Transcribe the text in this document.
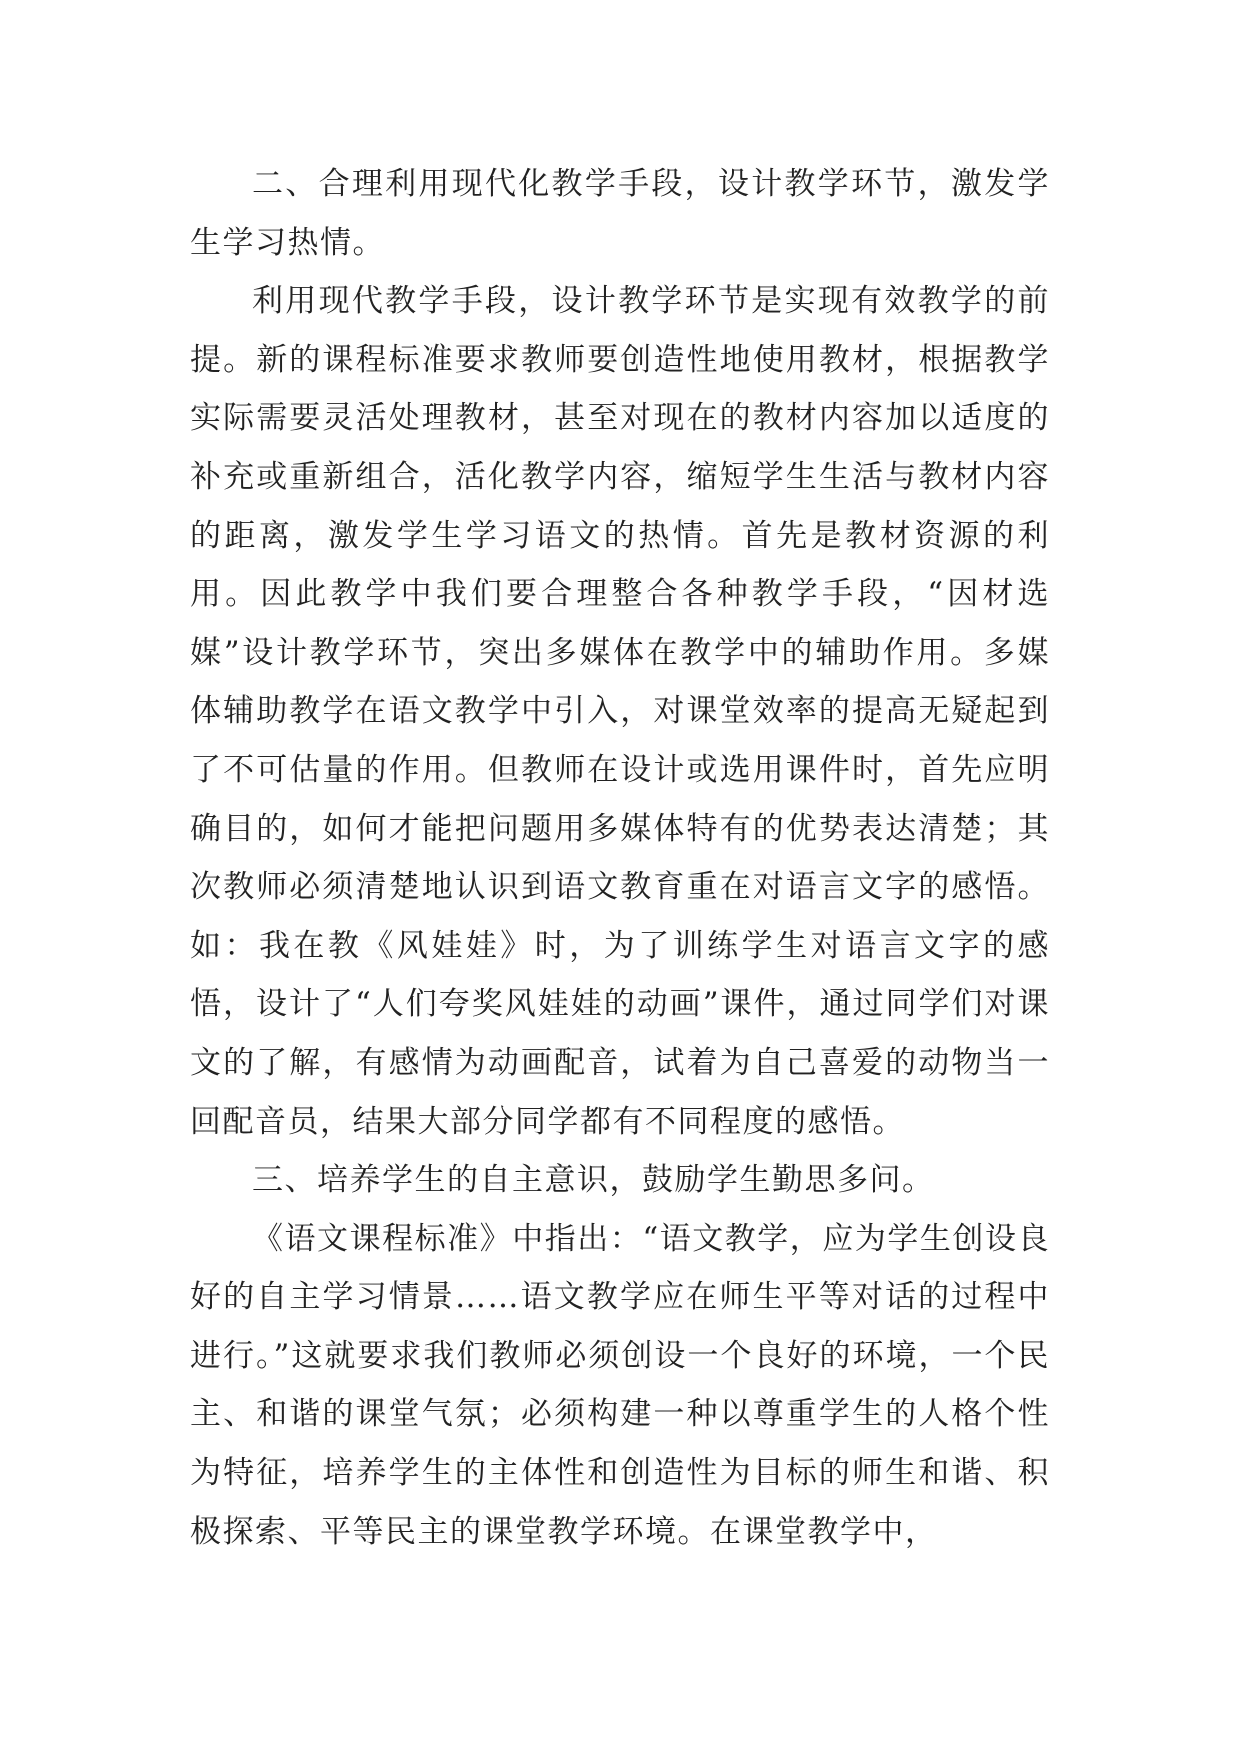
二、合理利用现代化教学手段，设计教学环节，激发学生学习热情。

利用现代教学手段，设计教学环节是实现有效教学的前提。新的课程标准要求教师要创造性地使用教材，根据教学实际需要灵活处理教材，甚至对现在的教材内容加以适度的补充或重新组合，活化教学内容，缩短学生生活与教材内容的距离，激发学生学习语文的热情。首先是教材资源的利用。因此教学中我们要合理整合各种教学手段，“因材选媒”设计教学环节，突出多媒体在教学中的辅助作用。多媒体辅助教学在语文教学中引入，对课堂效率的提高无疑起到了不可估量的作用。但教师在设计或选用课件时，首先应明确目的，如何才能把问题用多媒体特有的优势表达清楚；其次教师必须清楚地认识到语文教育重在对语言文字的感悟。如：我在教《风娃娃》时，为了训练学生对语言文字的感悟，设计了“人们夸奖风娃娃的动画”课件，通过同学们对课文的了解，有感情为动画配音，试着为自己喜爱的动物当一回配音员，结果大部分同学都有不同程度的感悟。

三、培养学生的自主意识，鼓励学生勤思多问。

《语文课程标准》中指出：“语文教学，应为学生创设良好的自主学习情景……语文教学应在师生平等对话的过程中进行。”这就要求我们教师必须创设一个良好的环境，一个民主、和谐的课堂气氛；必须构建一种以尊重学生的人格个性为特征，培养学生的主体性和创造性为目标的师生和谐、积极探索、平等民主的课堂教学环境。在课堂教学中，
